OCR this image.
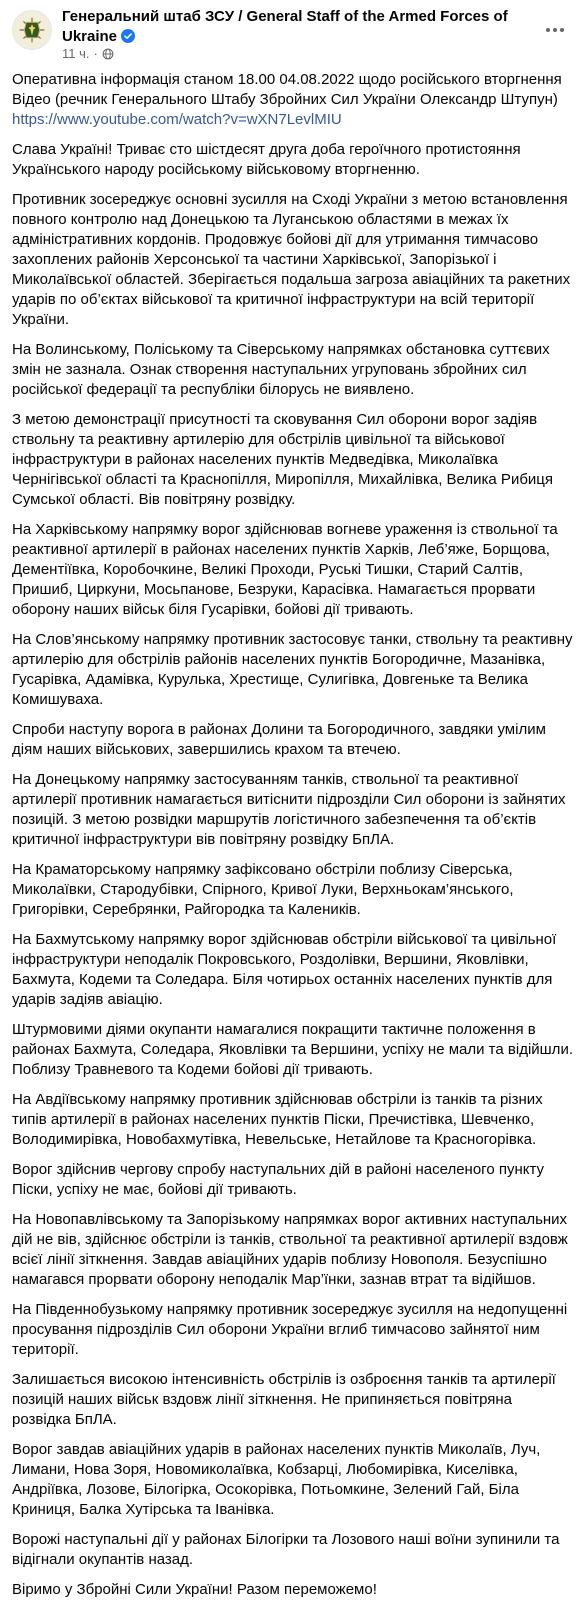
Генеральний штаб ЗСУ / General Staff of the Armed Forces of Ukraine
11 ч. ·

Оперативна інформація станом 18.00 04.08.2022 щодо російського вторгнення Відео (речник Генерального Штабу Збройних Сил України Олександр Штупун)
https://www.youtube.com/watch?v=wXN7LevlMIU

Слава Україні! Триває сто шістдесят друга доба героїчного протистояння Українського народу російському військовому вторгненню.

Противник зосереджує основні зусилля на Сході України з метою встановлення повного контролю над Донецькою та Луганською областями в межах їх адміністративних кордонів. Продовжує бойові дії для утримання тимчасово захоплених районів Херсонської та частини Харківської, Запорізької і Миколаївської областей. Зберігається подальша загроза авіаційних та ракетних ударів по об’єктах військової та критичної інфраструктури на всій території України.

На Волинському, Поліському та Сіверському напрямках обстановка суттєвих змін не зазнала. Ознак створення наступальних угруповань збройних сил російської федерації та республіки білорусь не виявлено.

З метою демонстрації присутності та сковування Сил оборони ворог задіяв ствольну та реактивну артилерію для обстрілів цивільної та військової інфраструктури в районах населених пунктів Медведівка, Миколаївка Чернігівської області та Краснопілля, Миропілля, Михайлівка, Велика Рибиця Сумської області. Вів повітряну розвідку.

На Харківському напрямку ворог здійснював вогневе ураження із ствольної та реактивної артилерії в районах населених пунктів Харків, Леб’яже, Борщова, Дементіївка, Коробочкине, Великі Проходи, Руські Тишки, Старий Салтів, Пришиб, Циркуни, Мосьпанове, Безруки, Карасівка. Намагається прорвати оборону наших військ біля Гусарівки, бойові дії тривають.

На Слов’янському напрямку противник застосовує танки, ствольну та реактивну артилерію для обстрілів районів населених пунктів Богородичне, Мазанівка, Гусарівка, Адамівка, Курулька, Хрестище, Сулигівка, Довгеньке та Велика Комишуваха.

Спроби наступу ворога в районах Долини та Богородичного, завдяки умілим діям наших військових, завершились крахом та втечею.

На Донецькому напрямку застосуванням танків, ствольної та реактивної артилерії противник намагається витіснити підрозділи Сил оборони із зайнятих позицій. З метою розвідки маршрутів логістичного забезпечення та об’єктів критичної інфраструктури вів повітряну розвідку БпЛА.

На Краматорському напрямку зафіксовано обстріли поблизу Сіверська, Миколаївки, Стародубівки, Спірного, Кривої Луки, Верхньокам’янського, Григорівки, Серебрянки, Райгородка та Калеників.

На Бахмутському напрямку ворог здійснював обстріли військової та цивільної інфраструктури неподалік Покровського, Роздолівки, Вершини, Яковлівки, Бахмута, Кодеми та Соледара. Біля чотирьох останніх населених пунктів для ударів задіяв авіацію.

Штурмовими діями окупанти намагалися покращити тактичне положення в районах Бахмута, Соледара, Яковлівки та Вершини, успіху не мали та відійшли. Поблизу Травневого та Кодеми бойові дії тривають.

На Авдіївському напрямку противник здійснював обстріли із танків та різних типів артилерії в районах населених пунктів Піски, Пречистівка, Шевченко, Володимирівка, Новобахмутівка, Невельське, Нетайлове та Красногорівка.

Ворог здійснив чергову спробу наступальних дій в районі населеного пункту Піски, успіху не має, бойові дії тривають.

На Новопавлівському та Запорізькому напрямках ворог активних наступальних дій не вів, здійснює обстріли із танків, ствольної та реактивної артилерії вздовж всієї лінії зіткнення. Завдав авіаційних ударів поблизу Новополя. Безуспішно намагався прорвати оборону неподалік Мар’їнки, зазнав втрат та відійшов.

На Південнобузькому напрямку противник зосереджує зусилля на недопущенні просування підрозділів Сил оборони України вглиб тимчасово зайнятої ним території.

Залишається високою інтенсивність обстрілів із озброєння танків та артилерії позицій наших військ вздовж лінії зіткнення. Не припиняється повітряна розвідка БпЛА.

Ворог завдав авіаційних ударів в районах населених пунктів Миколаїв, Луч, Лимани, Нова Зоря, Новомиколаївка, Кобзарці, Любомирівка, Киселівка, Андріївка, Лозове, Білогірка, Осокорівка, Потьомкине, Зелений Гай, Біла Криниця, Балка Хутірська та Іванівка.

Ворожі наступальні дії у районах Білогірки та Лозового наші воїни зупинили та відігнали окупантів назад.

Віримо у Збройні Сили України! Разом переможемо!
